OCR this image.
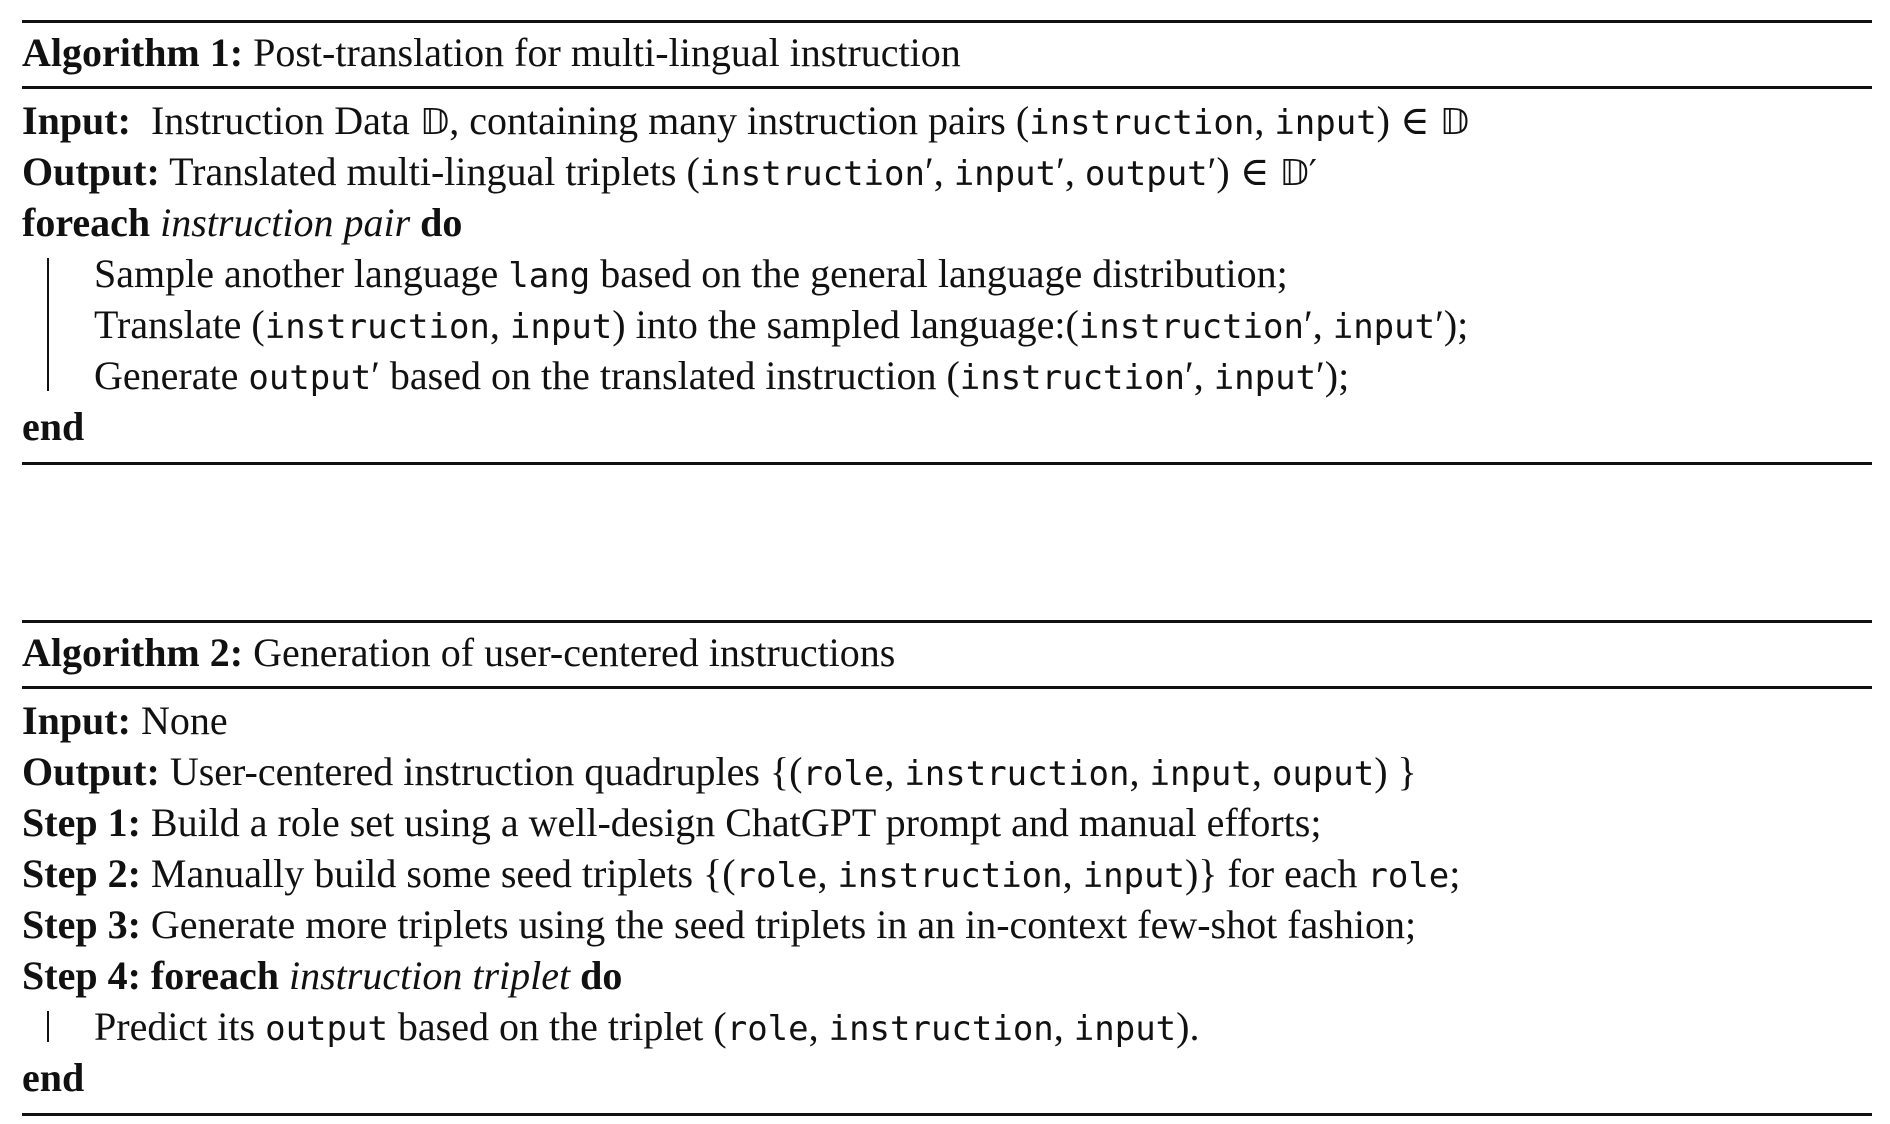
Algorithm 1: Post-translation for multi-lingual instruction
Input: Instruction Data 𝔻, containing many instruction pairs (instruction, input) ∈ 𝔻
Output: Translated multi-lingual triplets (instruction′, input′, output′) ∈ 𝔻′
foreach instruction pair do
Sample another language lang based on the general language distribution;
Translate (instruction, input) into the sampled language:(instruction′, input′);
Generate output′ based on the translated instruction (instruction′, input′);
end
Algorithm 2: Generation of user-centered instructions
Input: None
Output: User-centered instruction quadruples {(role, instruction, input, ouput) }
Step 1: Build a role set using a well-design ChatGPT prompt and manual efforts;
Step 2: Manually build some seed triplets {(role, instruction, input)} for each role;
Step 3: Generate more triplets using the seed triplets in an in-context few-shot fashion;
Step 4: foreach instruction triplet do
Predict its output based on the triplet (role, instruction, input).
end
